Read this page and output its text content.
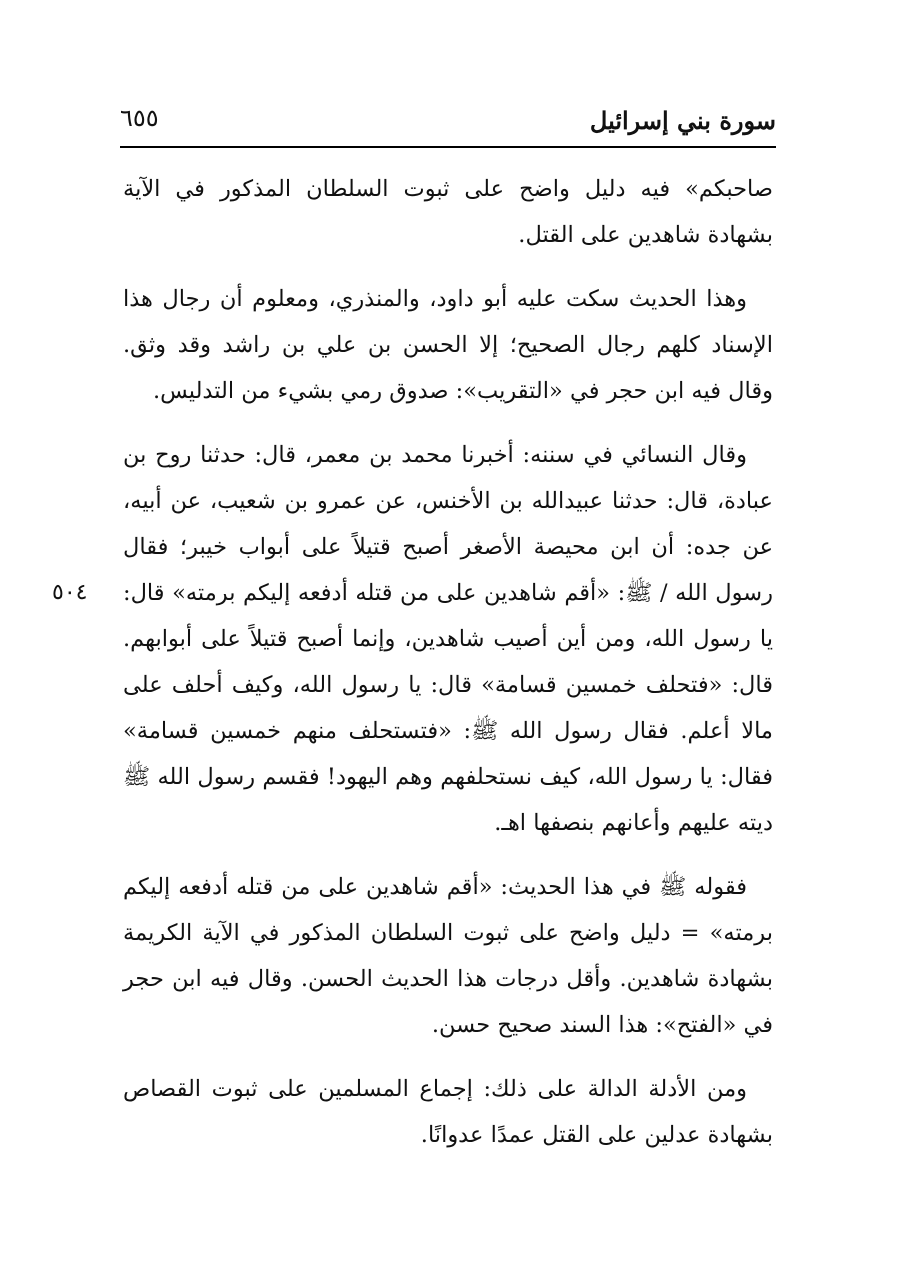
سورة بني إسرائيل
٦٥٥

صاحبكم» فيه دليل واضح على ثبوت السلطان المذكور في الآية بشهادة شاهدين على القتل.

وهذا الحديث سكت عليه أبو داود، والمنذري، ومعلوم أن رجال هذا الإسناد كلهم رجال الصحيح؛ إلا الحسن بن علي بن راشد وقد وثق. وقال فيه ابن حجر في «التقريب»: صدوق رمي بشيء من التدليس.

وقال النسائي في سننه: أخبرنا محمد بن معمر، قال: حدثنا روح بن عبادة، قال: حدثنا عبيدالله بن الأخنس، عن عمرو بن شعيب، عن أبيه، عن جده: أن ابن محيصة الأصغر أصبح قتيلاً على أبواب خيبر؛ فقال رسول الله / ﷺ: «أقم شاهدين على من قتله أدفعه إليكم برمته» قال: يا رسول الله، ومن أين أصيب شاهدين، وإنما أصبح قتيلاً على أبوابهم. قال: «فتحلف خمسين قسامة» قال: يا رسول الله، وكيف أحلف على مالا أعلم. فقال رسول الله ﷺ: «فتستحلف منهم خمسين قسامة» فقال: يا رسول الله، كيف نستحلفهم وهم اليهود! فقسم رسول الله ﷺ ديته عليهم وأعانهم بنصفها اهـ.

فقوله ﷺ في هذا الحديث: «أقم شاهدين على من قتله أدفعه إليكم برمته» = دليل واضح على ثبوت السلطان المذكور في الآية الكريمة بشهادة شاهدين. وأقل درجات هذا الحديث الحسن. وقال فيه ابن حجر في «الفتح»: هذا السند صحيح حسن.

ومن الأدلة الدالة على ذلك: إجماع المسلمين على ثبوت القصاص بشهادة عدلين على القتل عمدًا عدوانًا.

٥٠٤
